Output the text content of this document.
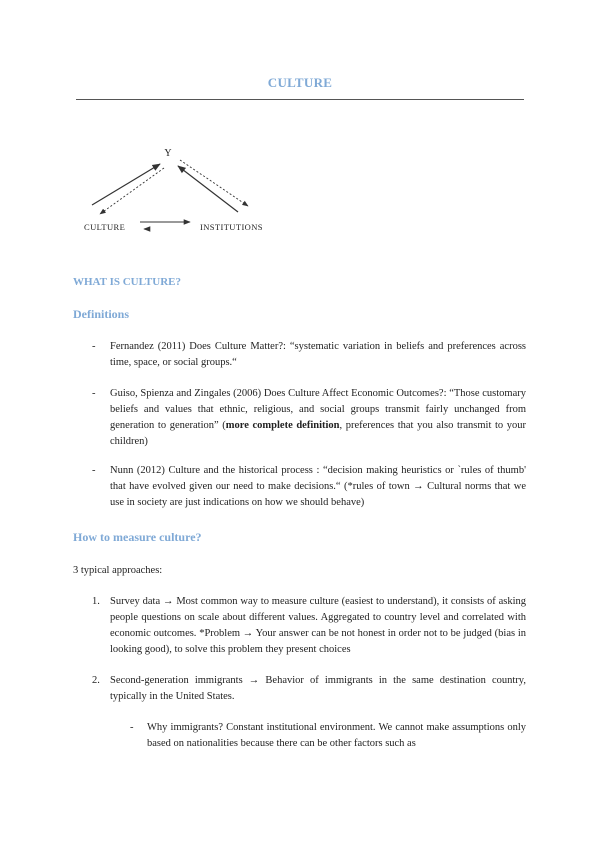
CULTURE
Y
CULTURE	INSTITUTIONS
WHAT IS CULTURE?
Definitions
- Fernandez (2011) Does Culture Matter?: “systematic variation in beliefs and preferences across time, space, or social groups.“
- Guiso, Spienza and Zingales (2006) Does Culture Affect Economic Outcomes?: “Those customary beliefs and values that ethnic, religious, and social groups transmit fairly unchanged from generation to generation” (more complete definition, preferences that you also transmit to your children)
- Nunn (2012) Culture and the historical process : “decision making heuristics or `rules of thumb' that have evolved given our need to make decisions.“ (*rules of town → Cultural norms that we use in society are just indications on how we should behave)
How to measure culture?
3 typical approaches:
1. Survey data → Most common way to measure culture (easiest to understand), it consists of asking people questions on scale about different values. Aggregated to country level and correlated with economic outcomes. *Problem → Your answer can be not honest in order not to be judged (bias in looking good), to solve this problem they present choices
2. Second-generation immigrants → Behavior of immigrants in the same destination country, typically in the United States.
- Why immigrants? Constant institutional environment. We cannot make assumptions only based on nationalities because there can be other factors such as
